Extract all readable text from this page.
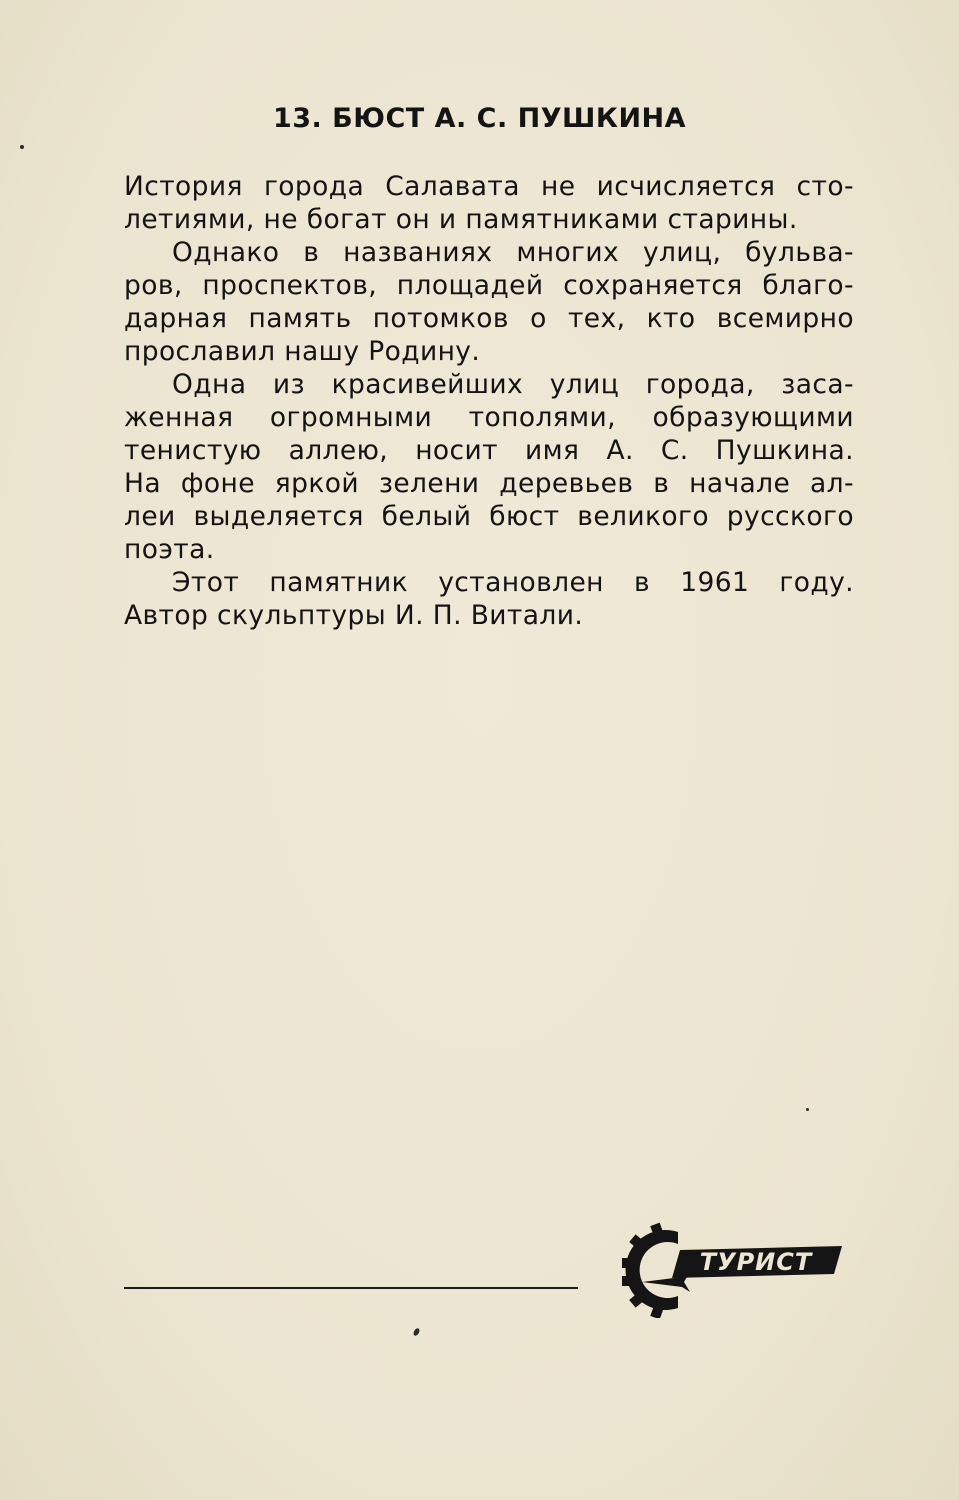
13. БЮСТ А. С. ПУШКИНА
История города Салавата не исчисляется сто-
летиями, не богат он и памятниками старины.
Однако в названиях многих улиц, бульва-
ров, проспектов, площадей сохраняется благо-
дарная память потомков о тех, кто всемирно
прославил нашу Родину.
Одна из красивейших улиц города, заса-
женная огромными тополями, образующими
тенистую аллею, носит имя А. С. Пушкина.
На фоне яркой зелени деревьев в начале ал-
леи выделяется белый бюст великого русского
поэта.
Этот памятник установлен в 1961 году.
Автор скульптуры И. П. Витали.
ТУРИСТ
